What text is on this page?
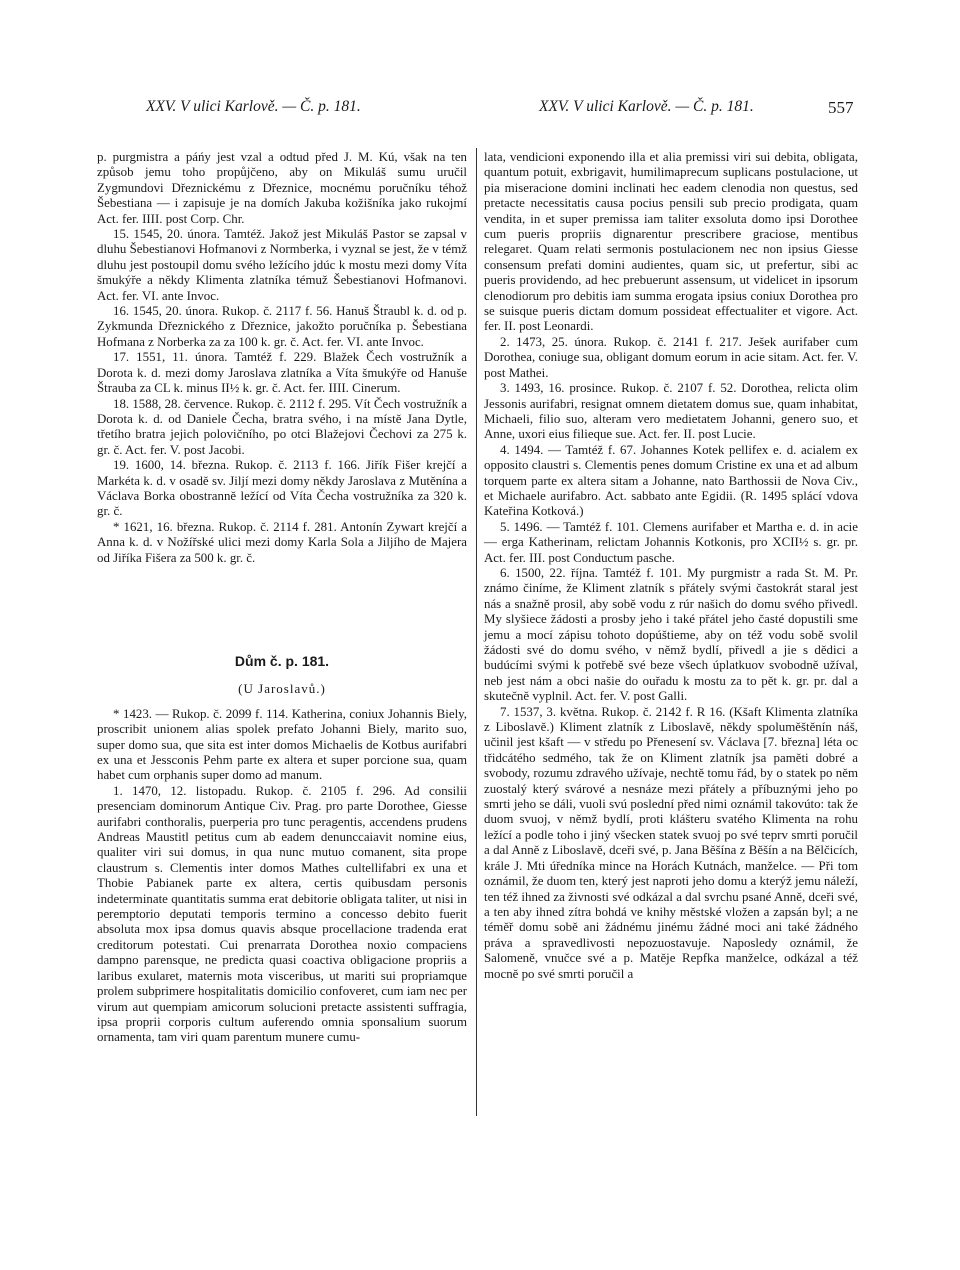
XXV. V ulici Karlově. — Č. p. 181.	XXV. V ulici Karlově. — Č. p. 181.	557

p. purgmistra a páńy jest vzal a odtud před J. M. Kú, však na ten způsob jemu toho propůjčeno, aby on Mikuláš sumu uručil Zygmundovi Dřeznickému z Dřeznice, mocnému poručníku téhož Šebestiana — i zapisuje je na domích Jakuba kožišníka jako rukojmí Act. fer. IIII. post Corp. Chr.

15. 1545, 20. února. Tamtéž. Jakož jest Mikuláš Pastor se zapsal v dluhu Šebestianovi Hofmanovi z Normberka, i vyznal se jest, že v témž dluhu jest postoupil domu svého ležícího jdúc k mostu mezi domy Víta šmukýře a někdy Klimenta zlatníka témuž Šebestianovi Hofmanovi. Act. fer. VI. ante Invoc.

16. 1545, 20. února. Rukop. č. 2117 f. 56. Hanuš Štraubl k. d. od p. Zykmunda Dřeznického z Dřeznice, jakožto poručníka p. Šebestiana Hofmana z Norberka za za 100 k. gr. č. Act. fer. VI. ante Invoc.

17. 1551, 11. února. Tamtéž f. 229. Blažek Čech vostružník a Dorota k. d. mezi domy Jaroslava zlatníka a Víta šmukýře od Hanuše Štrauba za CL k. minus II½ k. gr. č. Act. fer. IIII. Cinerum.

18. 1588, 28. července. Rukop. č. 2112 f. 295. Vít Čech vostružník a Dorota k. d. od Daniele Čecha, bratra svého, i na místě Jana Dytle, třetího bratra jejich polovičního, po otci Blažejovi Čechovi za 275 k. gr. č. Act. fer. V. post Jacobi.

19. 1600, 14. března. Rukop. č. 2113 f. 166. Jiřík Fišer krejčí a Markéta k. d. v osadě sv. Jiljí mezi domy někdy Jaroslava z Mutěnína a Václava Borka obostranně ležící od Víta Čecha vostružníka za 320 k. gr. č.

* 1621, 16. března. Rukop. č. 2114 f. 281. Antonín Zywart krejčí a Anna k. d. v Nožířské ulici mezi domy Karla Sola a Jiljího de Majera od Jiříka Fišera za 500 k. gr. č.

Dům č. p. 181.

(U Jaroslavů.)

* 1423. — Rukop. č. 2099 f. 114. Katherina, coniux Johannis Biely, proscribit unionem alias spolek prefato Johanni Biely, marito suo, super domo sua, que sita est inter domos Michaelis de Kotbus aurifabri ex una et Jessconis Pehm parte ex altera et super porcione sua, quam habet cum orphanis super domo ad manum.

1. 1470, 12. listopadu. Rukop. č. 2105 f. 296. Ad consilii presenciam dominorum Antique Civ. Prag. pro parte Dorothee, Giesse aurifabri conthoralis, puerperia pro tunc peragentis, accendens prudens Andreas Maustitl petitus cum ab eadem denunccaiavit nomine eius, qualiter viri sui domus, in qua nunc mutuo comanent, sita prope claustrum s. Clementis inter domos Mathes cultellifabri ex una et Thobie Pabianek parte ex altera, certis quibusdam personis indeterminate quantitatis summa erat debitorie obligata taliter, ut nisi in peremptorio deputati temporis termino a concesso debito fuerit absoluta mox ipsa domus quavis absque procellacione tradenda erat creditorum potestati. Cui prenarrata Dorothea noxio compaciens dampno parensque, ne predicta quasi coactiva obligacione propriis a laribus exularet, maternis mota visceribus, ut mariti sui propriamque prolem subprimere hospitalitatis domicilio confoveret, cum iam nec per virum aut quempiam amicorum solucioni pretacte assistenti suffragia, ipsa proprii corporis cultum auferendo omnia sponsalium suorum ornamenta, tam viri quam parentum munere cumu-

lata, vendicioni exponendo illa et alia premissi viri sui debita, obligata, quantum potuit, exbrigavit, humilimaprecum suplicans postulacione, ut pia miseracione domini inclinati hec eadem clenodia non questus, sed pretacte necessitatis causa pocius pensili sub precio prodigata, quam vendita, in et super premissa iam taliter exsoluta domo ipsi Dorothee cum pueris propriis dignarentur prescribere graciose, mentibus relegaret. Quam relati sermonis postulacionem nec non ipsius Giesse consensum prefati domini audientes, quam sic, ut prefertur, sibi ac pueris providendo, ad hec prebuerunt assensum, ut videlicet in ipsorum clenodiorum pro debitis iam summa erogata ipsius coniux Dorothea pro se suisque pueris dictam domum possideat effectualiter et vigore. Act. fer. II. post Leonardi.

2. 1473, 25. února. Rukop. č. 2141 f. 217. Ješek aurifaber cum Dorothea, coniuge sua, obligant domum eorum in acie sitam. Act. fer. V. post Mathei.

3. 1493, 16. prosince. Rukop. č. 2107 f. 52. Dorothea, relicta olim Jessonis aurifabri, resignat omnem dietatem domus sue, quam inhabitat, Michaeli, filio suo, alteram vero medietatem Johanni, genero suo, et Anne, uxori eius filieque sue. Act. fer. II. post Lucie.

4. 1494. — Tamtéž f. 67. Johannes Kotek pellifex e. d. acialem ex opposito claustri s. Clementis penes domum Cristine ex una et ad album torquem parte ex altera sitam a Johanne, nato Barthossii de Nova Civ., et Michaele aurifabro. Act. sabbato ante Egidii. (R. 1495 splácí vdova Kateřina Kotková.)

5. 1496. — Tamtéž f. 101. Clemens aurifaber et Martha e. d. in acie — erga Katherinam, relictam Johannis Kotkonis, pro XCII½ s. gr. pr. Act. fer. III. post Conductum pasche.

6. 1500, 22. října. Tamtéž f. 101. My purgmistr a rada St. M. Pr. známo činíme, že Kliment zlatník s přátely svými častokrát staral jest nás a snažně prosil, aby sobě vodu z rúr našich do domu svého přivedl. My slyšiece žádosti a prosby jeho i také přátel jeho časté dopustili sme jemu a mocí zápisu tohoto dopúštieme, aby on též vodu sobě svolil žádosti své do domu svého, v němž bydlí, přivedl a jie s dědici a budúcími svými k potřebě své beze všech úplatkuov svobodně užíval, neb jest nám a obci našie do ouřadu k mostu za to pět k. gr. pr. dal a skutečně vyplnil. Act. fer. V. post Galli.

7. 1537, 3. května. Rukop. č. 2142 f. R 16. (Kšaft Klimenta zlatníka z Liboslavě.) Kliment zlatník z Liboslavě, někdy spoluměštěnín náš, učinil jest kšaft — v středu po Přenesení sv. Václava [7. března] léta oc třidcátého sedmého, tak že on Kliment zlatník jsa paměti dobré a svobody, rozumu zdravého užívaje, nechtě tomu řád, by o statek po něm zuostalý který svárové a nesnáze mezi přátely a příbuznými jeho po smrti jeho se dáli, vuoli svú poslední před nimi oznámil takovúto: tak že duom svuoj, v němž bydlí, proti klášteru svatého Klimenta na rohu ležící a podle toho i jiný všecken statek svuoj po své teprv smrti poručil a dal Anně z Liboslavě, dceři své, p. Jana Běšína z Běšín a na Bělčicích, krále J. Mti úředníka mince na Horách Kutnách, manželce. — Při tom oznámil, že duom ten, který jest naproti jeho domu a kterýž jemu náleží, ten též ihned za živnosti své odkázal a dal svrchu psané Anně, dceři své, a ten aby ihned zítra bohdá ve knihy městské vložen a zapsán byl; a ne téměř domu sobě ani žádnému jinému žádné moci ani také žádného práva a spravedlivosti nepozuostavuje. Naposledy oznámil, že Salomeně, vnučce své a p. Matěje Repfka manželce, odkázal a též mocně po své smrti poručil a
